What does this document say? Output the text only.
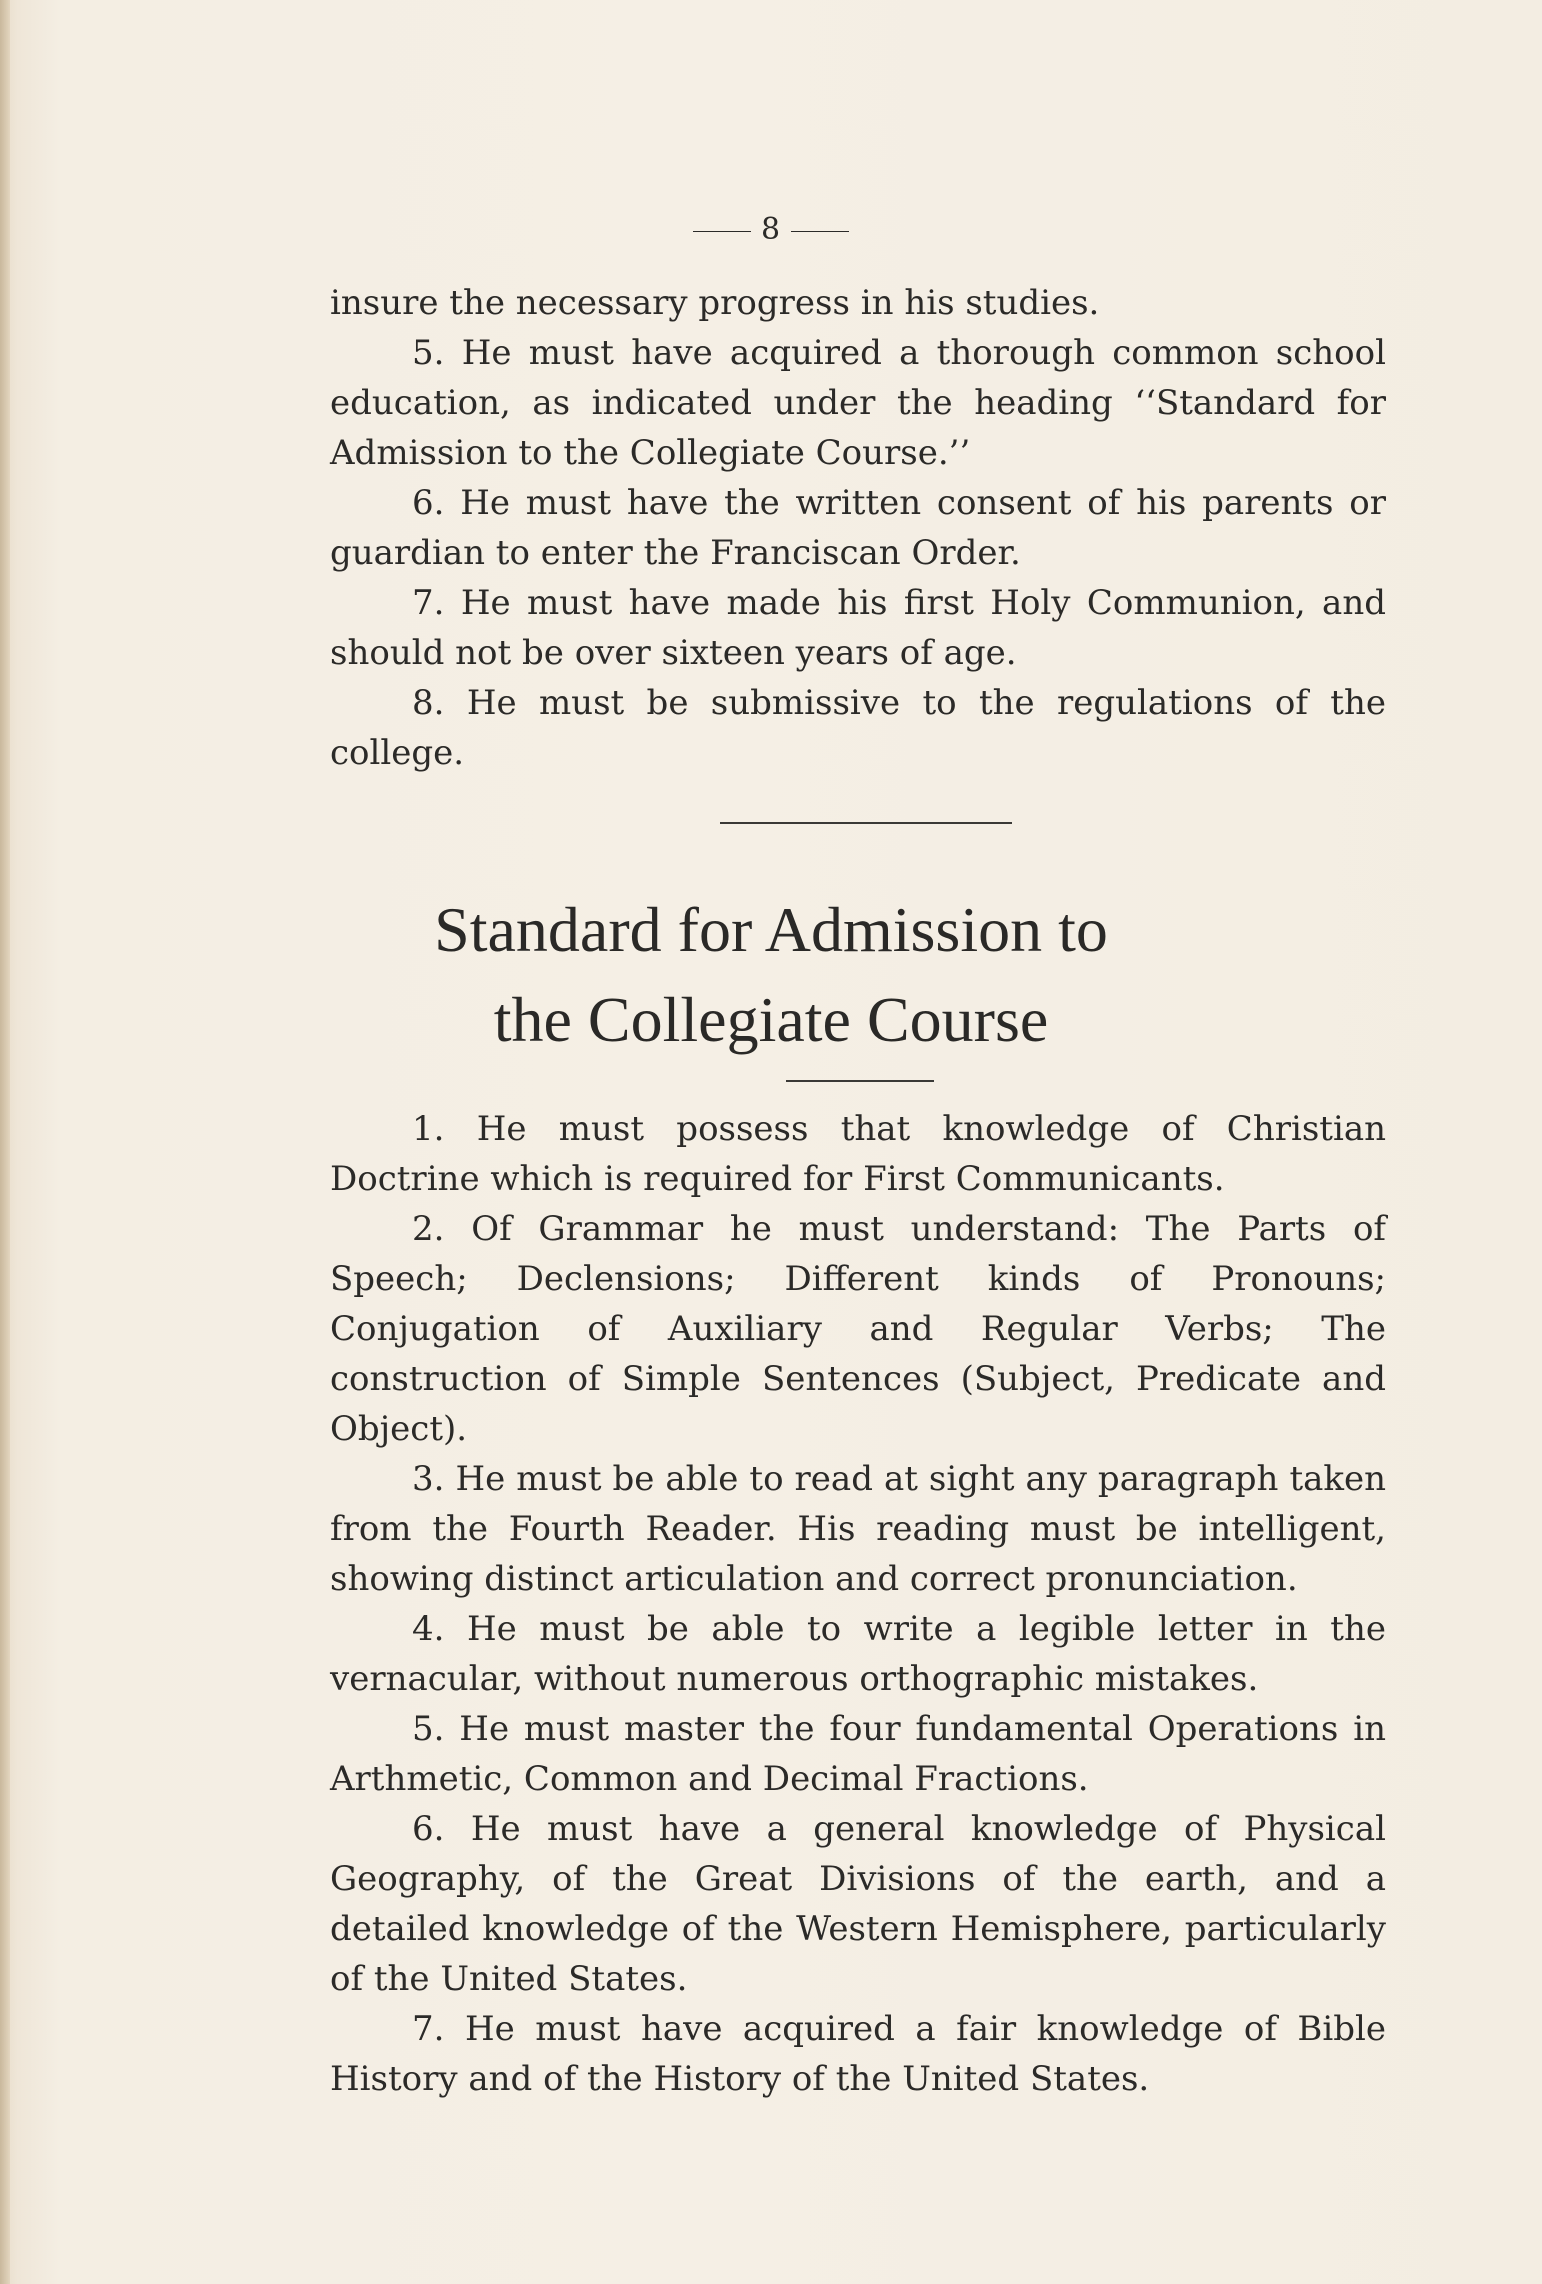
8

insure the necessary progress in his studies.

5. He must have acquired a thorough common school education, as indicated under the heading ‘‘Standard for Admission to the Collegiate Course.’’

6. He must have the written consent of his parents or guardian to enter the Franciscan Order.

7. He must have made his first Holy Communion, and should not be over sixteen years of age.

8. He must be submissive to the regulations of the college.

Standard for Admission to
the Collegiate Course

1. He must possess that knowledge of Christian Doctrine which is required for First Communicants.

2. Of Grammar he must understand: The Parts of Speech; Declensions; Different kinds of Pronouns; Conjugation of Auxiliary and Regular Verbs; The construction of Simple Sentences (Subject, Predicate and Object).

3. He must be able to read at sight any paragraph taken from the Fourth Reader. His reading must be intelligent, showing distinct articulation and correct pronunciation.

4. He must be able to write a legible letter in the vernacular, without numerous orthographic mistakes.

5. He must master the four fundamental Operations in Arthmetic, Common and Decimal Fractions.

6. He must have a general knowledge of Physical Geography, of the Great Divisions of the earth, and a detailed knowledge of the Western Hemisphere, particularly of the United States.

7. He must have acquired a fair knowledge of Bible History and of the History of the United States.
